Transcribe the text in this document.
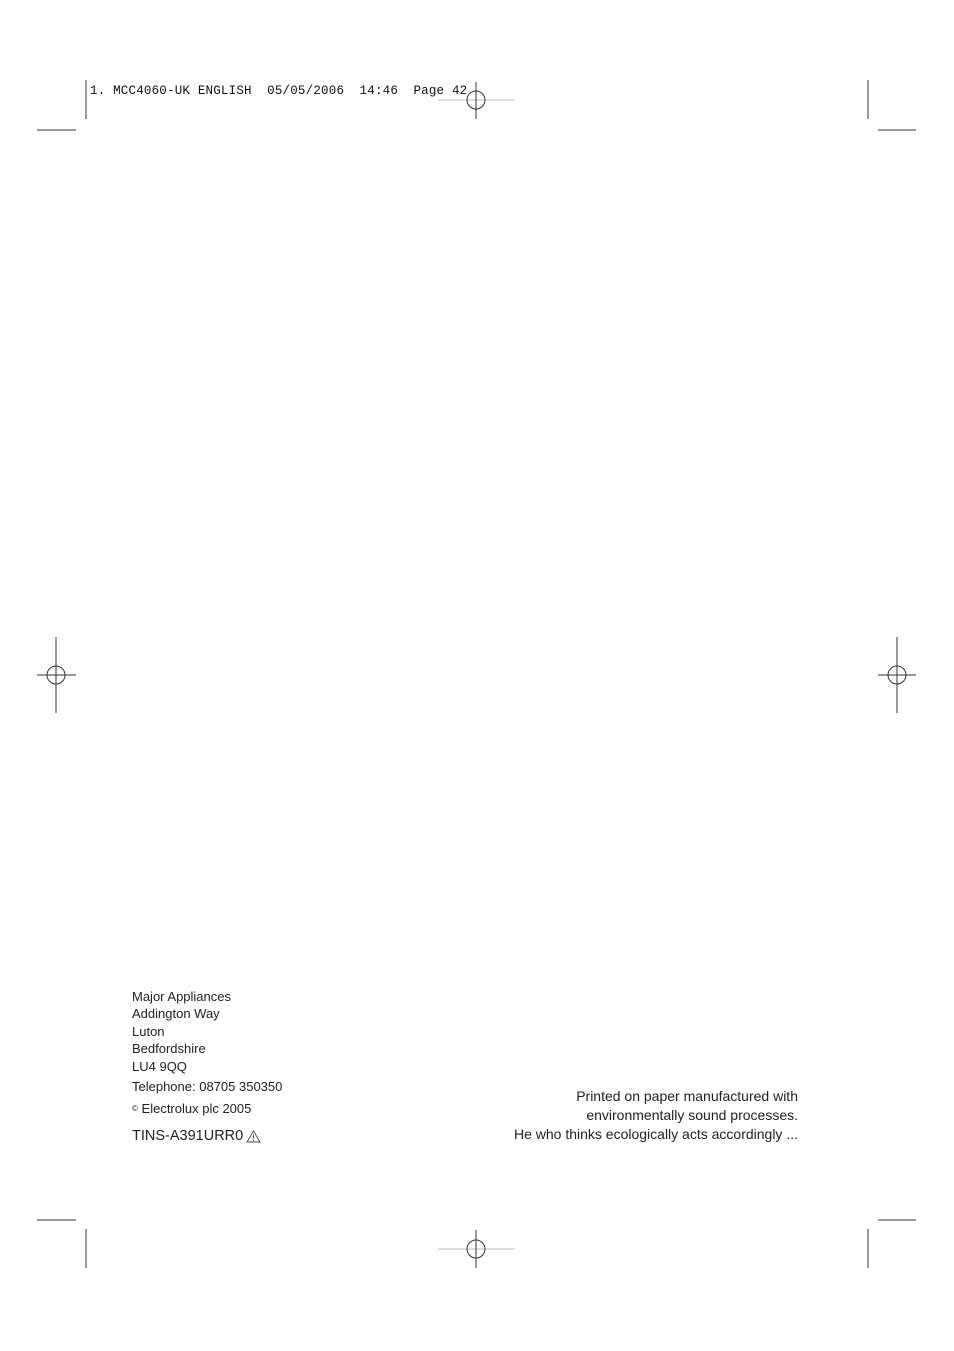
1. MCC4060-UK ENGLISH  05/05/2006  14:46  Page 42
Major Appliances
Addington Way
Luton
Bedfordshire
LU4 9QQ
Telephone: 08705 350350
© Electrolux plc 2005
TINS-A391URR0
Printed on paper manufactured with
environmentally sound processes.
He who thinks ecologically acts accordingly ...
